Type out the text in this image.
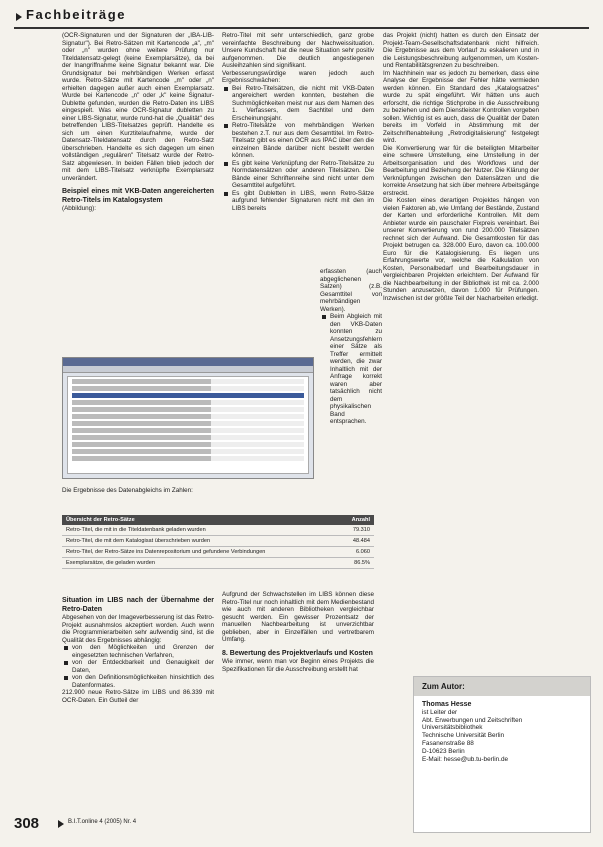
Fachbeiträge

(OCR-Signaturen und der Signaturen der „IBA-LIB-Signatur"). Bei Retro-Sätzen mit Kartencode „a", „m" oder „n" wurden ohne weitere Prüfung nur Titeldatensatz-gelegt (keine Exemplarsätze), da bei der Inangriffnahme keine Signatur bekannt war. Die Grundsignatur bei mehrbändigen Werken erfasst wurde. Retro-Sätze mit Kartencode „m" oder „n" erhielten dagegen außer auch einen Exemplarsatz. Wurde bei Kartencode „n" oder „k" keine Signatur-Dublette gefunden, wurden die Retro-Daten ins LIBS eingespielt. Was eine OCR-Signatur dubletten zu einer LIBS-Signatur, wurde rund-hat die „Qualität" des betreffenden LIBS-Titelsatzes geprüft. Handelte es sich um einen Kurztitelaufnahme, wurde der Datensatz-Titeldatensatz durch den Retro-Satz überschrieben. Handelte es sich dagegen um einen vollständigen „regulären" Titelsatz wurde der Retro-Satz abgewiesen. In beiden Fällen blieb jedoch der mit dem LIBS-Titelsatz verknüpfte Exemplarsatz unverändert.

Beispiel eines mit VKB-Daten angereicherten Retro-Titels im Katalogsystem

(Abbildung):

Retro-Titel mit sehr unterschiedlich, ganz grobe vereinfachte Beschreibung der Nachweissituation. Unsere Kundschaft hat die neue Situation sehr positiv aufgenommen. Die deutlich angestiegenen Ausleihzahlen sind signifikant.

Verbesserungswürdige waren jedoch auch Ergebnisschwächen:

Bei Retro-Titelsätzen, die nicht mit VKB-Daten angereichert werden konnten, bestehen die Suchmöglichkeiten meist nur aus dem Namen des 1. Verfassers, dem Sachtitel und dem Erscheinungsjahr.

Retro-Titelsätze von mehrbändigen Werken bestehen z.T. nur aus dem Gesamttitel. Im Retro-Titelsatz gibt es einen OCR aus IPAC über den die einzelnen Bände darüber nicht bestellt werden können.

Es gibt keine Verknüpfung der Retro-Titelsätze zu Normdatensätzen oder anderen Titelsätzen. Die Bände einer Schriftenreihe sind nicht unter dem Gesamttitel aufgeführt.

Es gibt Dubletten in LIBS, wenn Retro-Sätze aufgrund fehlender Signaturen nicht mit den im LIBS bereits

erfassten (auch abgeglichenen Satzen) (z.B. Gesamttitel von mehrbändigen Werken).

Beim Abgleich mit den VKB-Daten konnten zu Ansetzungsfehlern einer Sätze als Treffer ermittelt werden, die zwar Inhaltlich mit der Anfrage korrekt waren aber tatsächlich nicht dem physikalischen Band entsprachen.

das Projekt (nicht) hatten es durch den Einsatz der Projekt-Team-Gesellschaftsdatenbank nicht hilfreich. Die Ergebnisse aus dem Vorlauf zu eskalieren und in die Leistungsbeschreibung aufgenommen, um Kosten- und Rentabilitätsgrenzen zu beschreiben.

Im Nachhinein war es jedoch zu bemerken, dass eine Analyse der Ergebnisse der Fehler hätte vermieden werden können. Ein Standard des „Katalogsatzes" wurde zu spät eingeführt. Wir hätten uns auch erforscht, die richtige Stichprobe in die Ausschreibung zu beziehen und dem Dienstleister Kontrollen vorgeben sollen. Wichtig ist es auch, dass die Qualität der Daten bereits im Vorfeld in Abstimmung mit der Zeitschriftenabteilung „Retrodigitalisierung" festgelegt wird.

Die Konvertierung war für die beteiligten Mitarbeiter eine schwere Umstellung, eine Umstellung in der Arbeitsorganisation und des Workflows und der Bearbeitung und Beziehung der Nutzer. Die Klärung der Verknüpfungen zwischen den Datensätzen und die korrekte Ansetzung hat sich über mehrere Arbeitsgänge erstreckt.

Die Kosten eines derartigen Projektes hängen von vielen Faktoren ab, wie Umfang der Bestände, Zustand der Karten und erforderliche Kontrollen. Mit dem Anbieter wurde ein pauschaler Fixpreis vereinbart. Bei unserer Konvertierung von rund 200.000 Titelsätzen rechnet sich der Aufwand. Die Gesamtkosten für das Projekt betrugen ca. 328.000 Euro, davon ca. 100.000 Euro für die Katalogisierung. Es liegen uns Erfahrungswerte vor, welche die Kalkulation von Kosten, Personalbedarf und Bearbeitungsdauer in vergleichbaren Projekten erleichtern. Der Aufwand für die Nachbearbeitung in der Bibliothek ist mit ca. 2.000 Stunden anzusetzen, davon 1.000 für Prüfungen. Inzwischen ist der größte Teil der Nacharbeiten erledigt.

Die Ergebnisse des Datenabgleichs im Zahlen:
Übersicht der Retro-Sätze	Anzahl
Retro-Titel, die mit in die Titeldatenbank geladen wurden	79.310
Retro-Titel, die mit dem Katalogisat überschrieben wurden	48.484
Retro-Titel, der Retro-Sätze ins Datenrepositorium und gefundene Verbindungen	6.060
Exemplarsätze, die geladen wurden	86.5%

Situation im LIBS nach der Übernahme der Retro-Daten

Abgesehen von der Imageverbesserung ist das Retro-Projekt ausnahmslos akzeptiert worden. Auch wenn die Programmierarbeiten sehr aufwendig sind, ist die Qualität des Ergebnisses abhängig:

von den Möglichkeiten und Grenzen der eingesetzten technischen Verfahren,

von der Entdeckbarkeit und Genauigkeit der Daten,

von den Definitionsmöglichkeiten hinsichtlich des Datenformates.

212.900 neue Retro-Sätze im LIBS und 86.339 mit OCR-Daten. Ein Gutteil der

Aufgrund der Schwachstellen im LIBS können diese Retro-Titel nur noch inhaltlich mit dem Medienbestand wie auch mit anderen Bibliotheken vergleichbar gesucht werden. Ein gewisser Prozentsatz der manuellen Nachbearbeitung ist unverzichtbar geblieben, aber in Einzelfällen und vertretbarem Umfang.

8. Bewertung des Projektverlaufs und Kosten

Wie immer, wenn man vor Beginn eines Projekts die Spezifikationen für die Ausschreibung erstellt hat

Zum Autor:
Thomas Hesse
ist Leiter der
Abt. Erwerbungen und Zeitschriften
Universitätsbibliothek
Technische Universität Berlin
Fasanenstraße 88
D-10623 Berlin
E-Mail: hesse@ub.tu-berlin.de
308	B.I.T.online 4 (2005) Nr. 4
